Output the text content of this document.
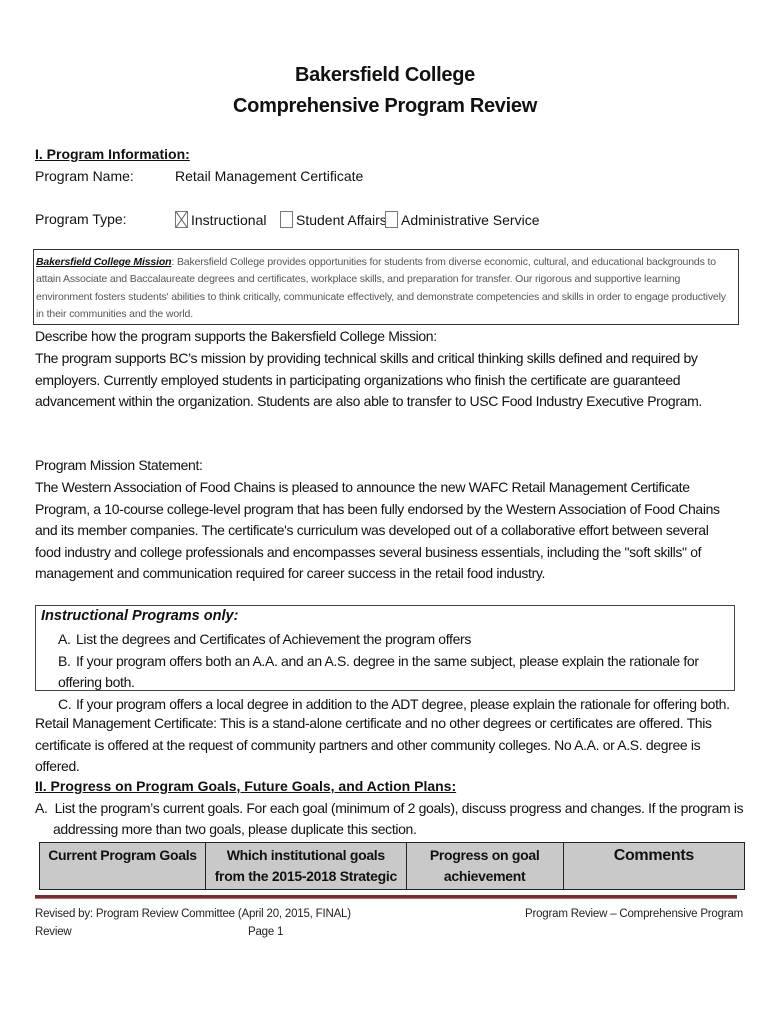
Bakersfield College
Comprehensive Program Review
I. Program Information:
Program Name:	Retail Management Certificate
Program Type:	Instructional	Student Affairs	Administrative Service

Bakersfield College Mission: Bakersfield College provides opportunities for students from diverse economic, cultural, and educational backgrounds to attain Associate and Baccalaureate degrees and certificates, workplace skills, and preparation for transfer. Our rigorous and supportive learning environment fosters students' abilities to think critically, communicate effectively, and demonstrate competencies and skills in order to engage productively in their communities and the world.

Describe how the program supports the Bakersfield College Mission:

The program supports BC’s mission by providing technical skills and critical thinking skills defined and required by employers. Currently employed students in participating organizations who finish the certificate are guaranteed advancement within the organization. Students are also able to transfer to USC Food Industry Executive Program.

Program Mission Statement:

The Western Association of Food Chains is pleased to announce the new WAFC Retail Management Certificate Program, a 10-course college-level program that has been fully endorsed by the Western Association of Food Chains and its member companies. The certificate's curriculum was developed out of a collaborative effort between several food industry and college professionals and encompasses several business essentials, including the "soft skills" of management and communication required for career success in the retail food industry.

Instructional Programs only:
A. List the degrees and Certificates of Achievement the program offers
B. If your program offers both an A.A. and an A.S. degree in the same subject, please explain the rationale for offering both.
C. If your program offers a local degree in addition to the ADT degree, please explain the rationale for offering both.

Retail Management Certificate: This is a stand-alone certificate and no other degrees or certificates are offered. This certificate is offered at the request of community partners and other community colleges. No A.A. or A.S. degree is offered.

II. Progress on Program Goals, Future Goals, and Action Plans:
A. List the program’s current goals. For each goal (minimum of 2 goals), discuss progress and changes. If the program is
addressing more than two goals, please duplicate this section.
Current Program Goals	Which institutional goals from the 2015-2018 Strategic	Progress on goal achievement	Comments
Revised by: Program Review Committee (April 20, 2015, FINAL)
Review	Page 1
Program Review – Comprehensive Program
